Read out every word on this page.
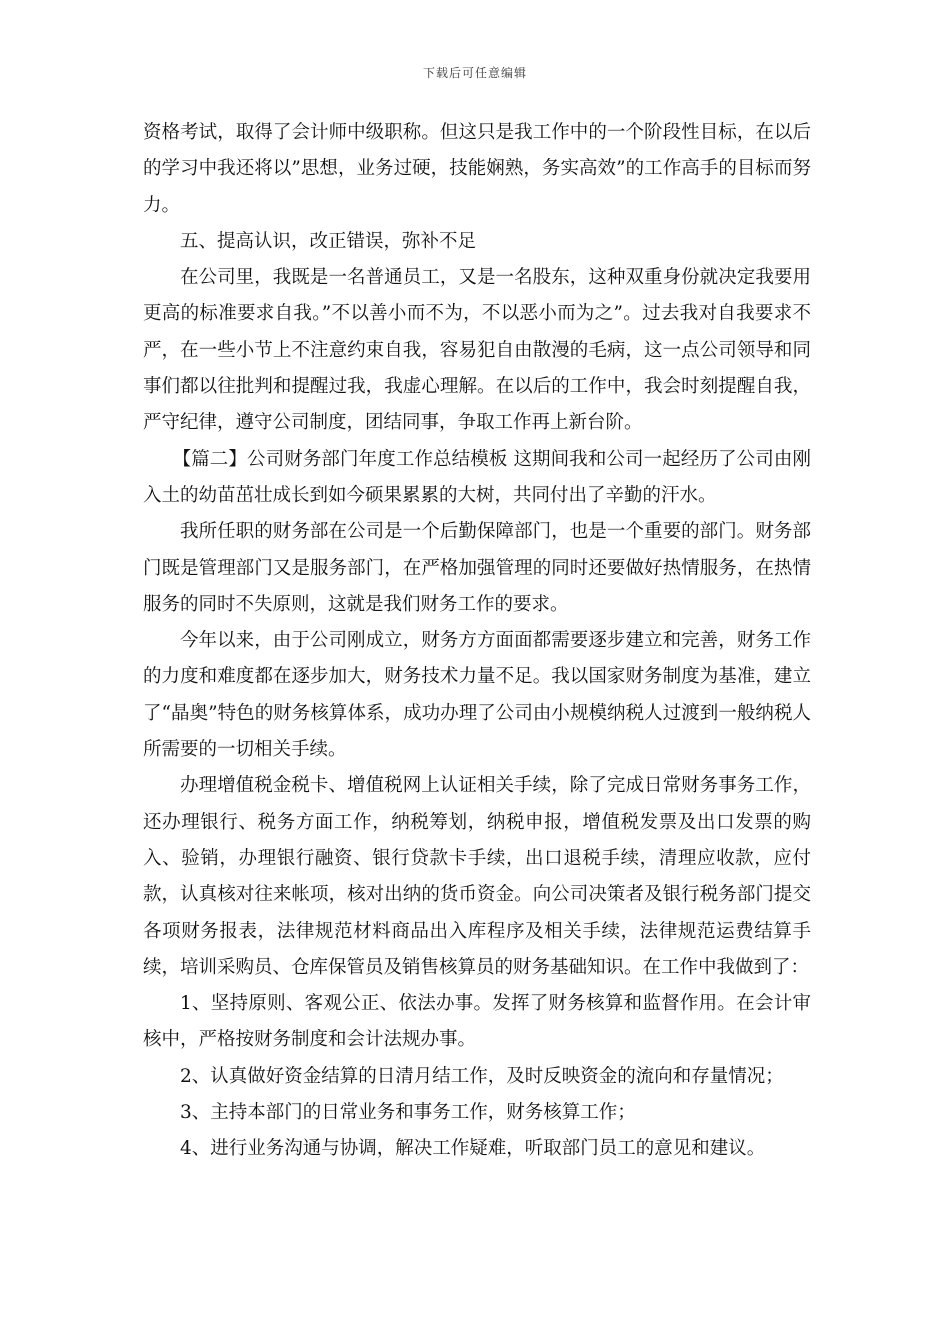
下载后可任意编辑

资格考试，取得了会计师中级职称。但这只是我工作中的一个阶段性目标，在以后的学习中我还将以”思想，业务过硬，技能娴熟，务实高效”的工作高手的目标而努力。

五、提高认识，改正错误，弥补不足

在公司里，我既是一名普通员工，又是一名股东，这种双重身份就决定我要用更高的标准要求自我。”不以善小而不为，不以恶小而为之”。过去我对自我要求不严，在一些小节上不注意约束自我，容易犯自由散漫的毛病，这一点公司领导和同事们都以往批判和提醒过我，我虚心理解。在以后的工作中，我会时刻提醒自我，严守纪律，遵守公司制度，团结同事，争取工作再上新台阶。

【篇二】公司财务部门年度工作总结模板 这期间我和公司一起经历了公司由刚入土的幼苗茁壮成长到如今硕果累累的大树，共同付出了辛勤的汗水。

我所任职的财务部在公司是一个后勤保障部门，也是一个重要的部门。财务部门既是管理部门又是服务部门，在严格加强管理的同时还要做好热情服务，在热情服务的同时不失原则，这就是我们财务工作的要求。

今年以来，由于公司刚成立，财务方方面面都需要逐步建立和完善，财务工作的力度和难度都在逐步加大，财务技术力量不足。我以国家财务制度为基准，建立了“晶奥”特色的财务核算体系，成功办理了公司由小规模纳税人过渡到一般纳税人所需要的一切相关手续。

办理增值税金税卡、增值税网上认证相关手续，除了完成日常财务事务工作，还办理银行、税务方面工作，纳税筹划，纳税申报，增值税发票及出口发票的购入、验销，办理银行融资、银行贷款卡手续，出口退税手续，清理应收款，应付款，认真核对往来帐项，核对出纳的货币资金。向公司决策者及银行税务部门提交各项财务报表，法律规范材料商品出入库程序及相关手续，法律规范运费结算手续，培训采购员、仓库保管员及销售核算员的财务基础知识。在工作中我做到了：

1、坚持原则、客观公正、依法办事。发挥了财务核算和监督作用。在会计审核中，严格按财务制度和会计法规办事。

2、认真做好资金结算的日清月结工作，及时反映资金的流向和存量情况；

3、主持本部门的日常业务和事务工作，财务核算工作；

4、进行业务沟通与协调，解决工作疑难，听取部门员工的意见和建议。
